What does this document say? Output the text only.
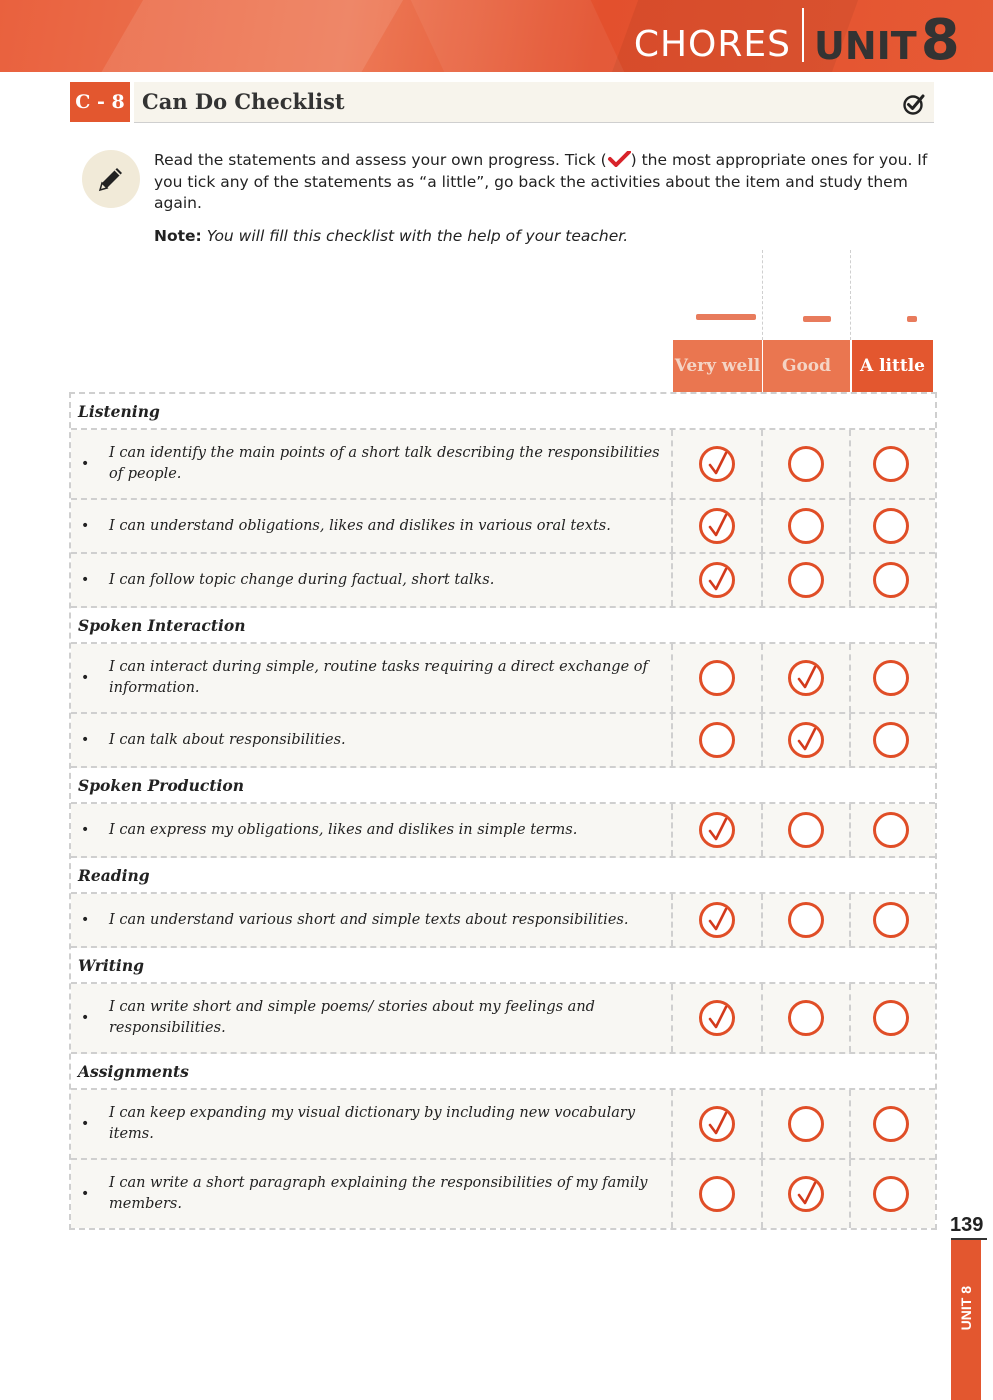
CHORES UNIT8
C - 8 Can Do Checklist
Read the statements and assess your own progress. Tick ( ) the most appropriate ones for you. If you tick any of the statements as “a little”, go back the activities about the item and study them again.
Note: You will fill this checklist with the help of your teacher.
Very well	Good	A little
Listening
•
I can identify the main points of a short talk describing the responsibilities of people.
• I can understand obligations, likes and dislikes in various oral texts.
• I can follow topic change during factual, short talks.
Spoken Interaction
•
I can interact during simple, routine tasks requiring a direct exchange of information.
• I can talk about responsibilities.
Spoken Production
• I can express my obligations, likes and dislikes in simple terms.
Reading
• I can understand various short and simple texts about responsibilities.
Writing
•
I can write short and simple poems/ stories about my feelings and responsibilities.
Assignments
•
I can keep expanding my visual dictionary by including new vocabulary items.
•
I can write a short paragraph explaining the responsibilities of my family members.
139
UNIT 8
